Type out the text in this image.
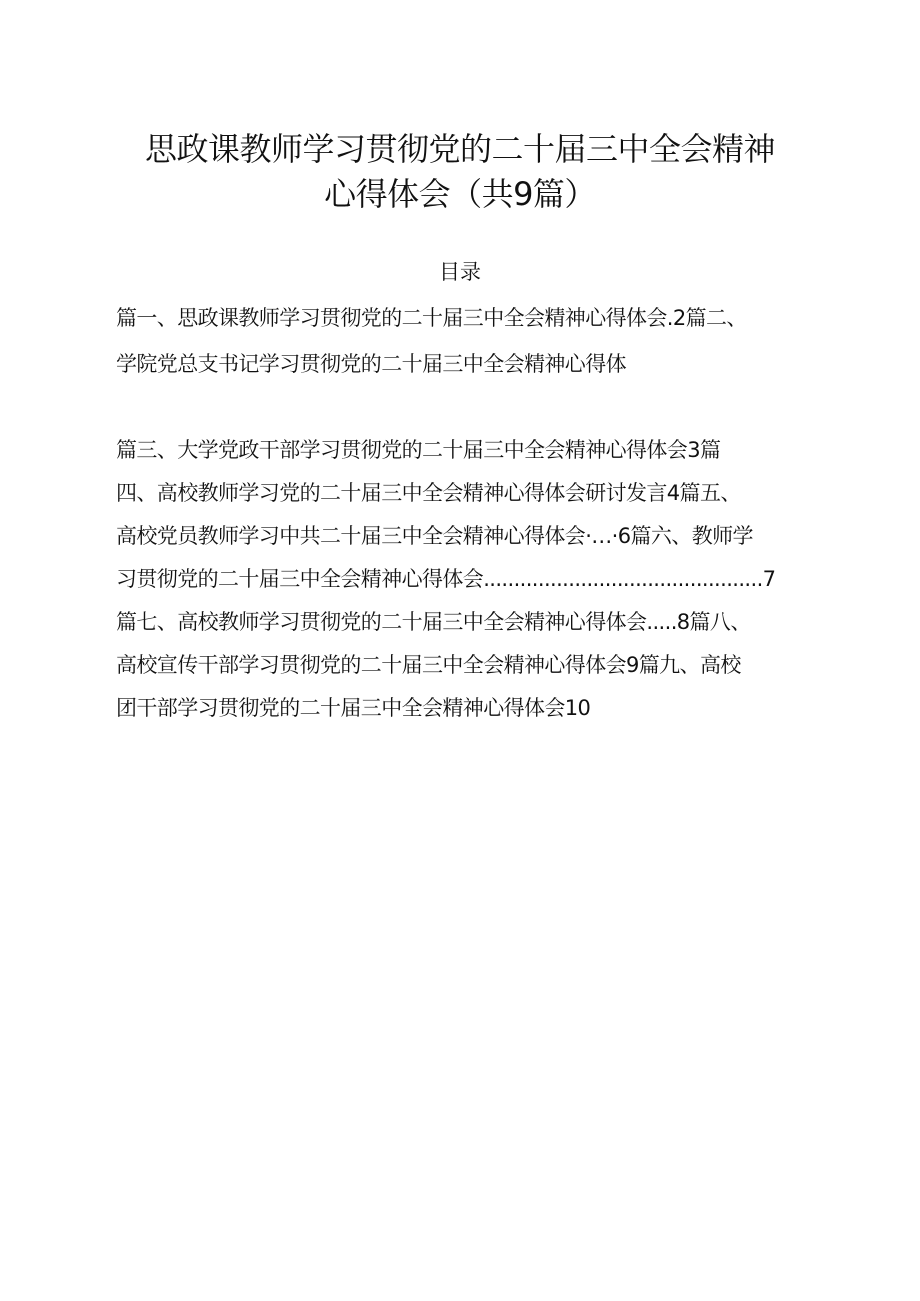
思政课教师学习贯彻党的二十届三中全会精神
心得体会（共9篇）
目录
篇一、思政课教师学习贯彻党的二十届三中全会精神心得体会.2篇二、
学院党总支书记学习贯彻党的二十届三中全会精神心得体
篇三、大学党政干部学习贯彻党的二十届三中全会精神心得体会3篇
四、高校教师学习党的二十届三中全会精神心得体会研讨发言4篇五、
高校党员教师学习中共二十届三中全会精神心得体会·…·6篇六、教师学
习贯彻党的二十届三中全会精神心得体会..............................................7
篇七、高校教师学习贯彻党的二十届三中全会精神心得体会.....8篇八、
高校宣传干部学习贯彻党的二十届三中全会精神心得体会9篇九、高校
团干部学习贯彻党的二十届三中全会精神心得体会10
